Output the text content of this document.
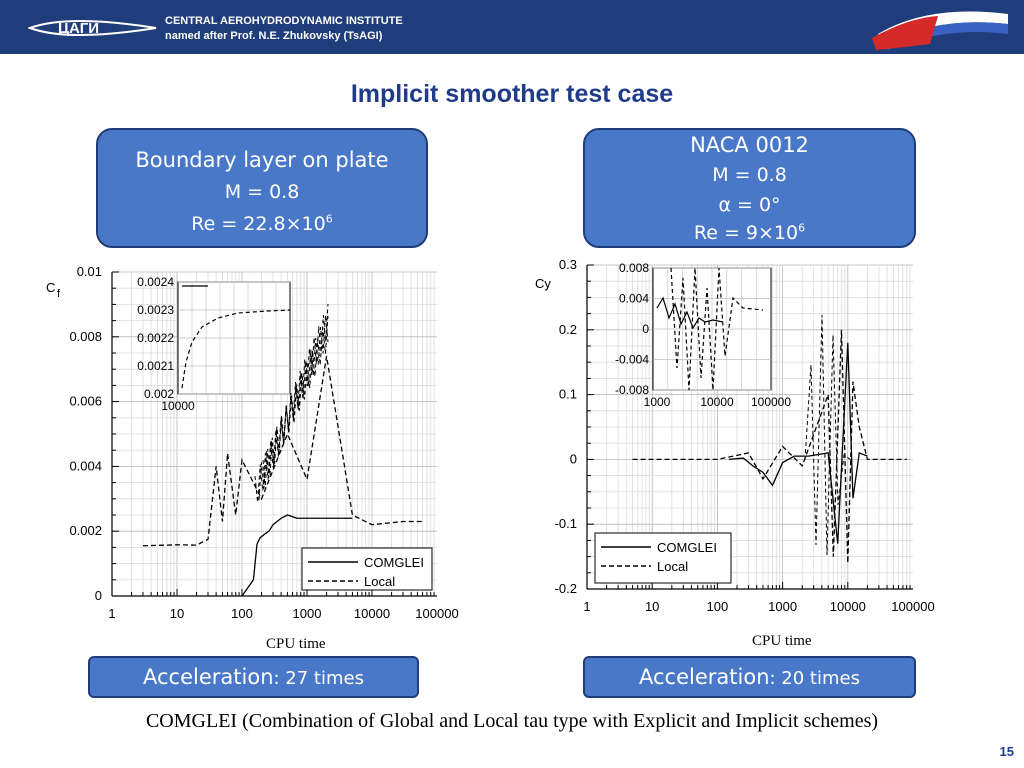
ЦАГИ	CENTRAL AERОHYDRODYNAMIC INSTITUTE
named after Prof. N.E. Zhukovsky (TsAGI)
Implicit smoother test case
Boundary layer on plate
M = 0.8
$Re = 22.8\times 10^6$
NACA 0012
M = 0.8
α = 0°
$Re = 9\times 10^6$
1	10	100	1000 10000 100000
0
0.002
0.004
0.006
0.008
0.01
C f
COMGLEI
Local
0.002
0.0021
0.0022
0.0023
0.0024
10000
1	10	100	1000	10000 100000
-0.2
-0.1
0
0.1
0.2
0.3
Cy
COMGLEI
Local
0.008
0.004
0
-0.004
-0.008
1000 10000 100000
CPU time	CPU time
Acceleration: 27 times	Acceleration: 20 times
COMGLEI (Combination of Global and Local tau type with Explicit and Implicit schemes)
15
